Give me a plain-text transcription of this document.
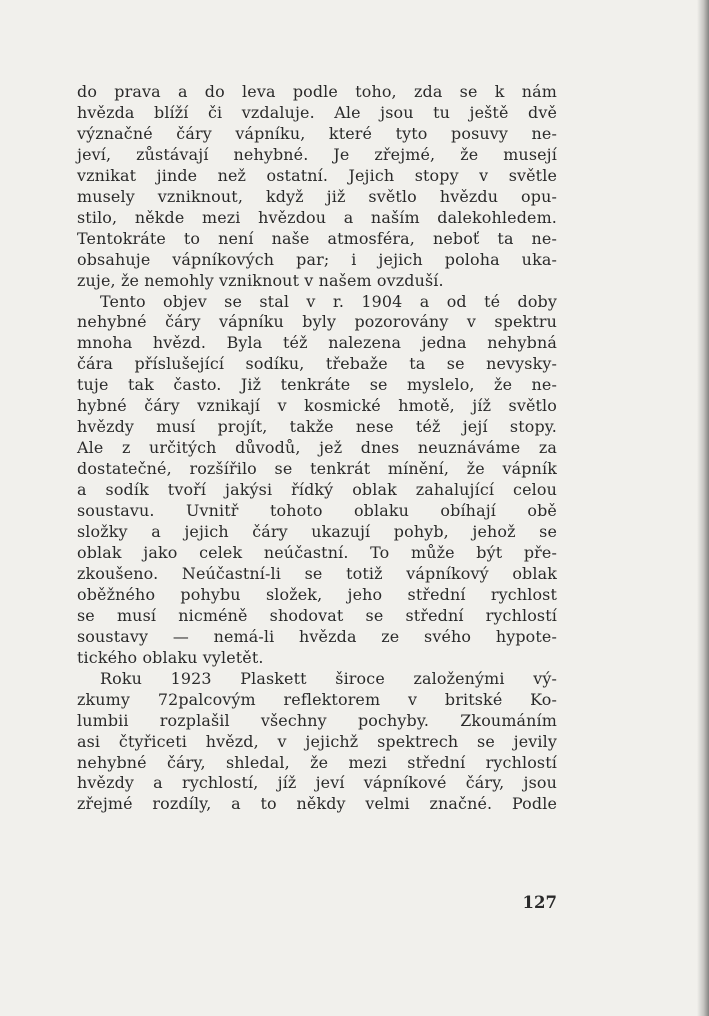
do prava a do leva podle toho, zda se k nám
hvězda blíží či vzdaluje. Ale jsou tu ještě dvě
význačné čáry vápníku, které tyto posuvy ne-
jeví, zůstávají nehybné. Je zřejmé, že musejí
vznikat jinde než ostatní. Jejich stopy v světle
musely vzniknout, když již světlo hvězdu opu-
stilo, někde mezi hvězdou a naším dalekohledem.
Tentokráte to není naše atmosféra, neboť ta ne-
obsahuje vápníkových par; i jejich poloha uka-
zuje, že nemohly vzniknout v našem ovzduší.
Tento objev se stal v r. 1904 a od té doby
nehybné čáry vápníku byly pozorovány v spektru
mnoha hvězd. Byla též nalezena jedna nehybná
čára příslušející sodíku, třebaže ta se nevysky-
tuje tak často. Již tenkráte se myslelo, že ne-
hybné čáry vznikají v kosmické hmotě, jíž světlo
hvězdy musí projít, takže nese též její stopy.
Ale z určitých důvodů, jež dnes neuznáváme za
dostatečné, rozšířilo se tenkrát mínění, že vápník
a sodík tvoří jakýsi řídký oblak zahalující celou
soustavu. Uvnitř tohoto oblaku obíhají obě
složky a jejich čáry ukazují pohyb, jehož se
oblak jako celek neúčastní. To může být pře-
zkoušeno. Neúčastní-li se totiž vápníkový oblak
oběžného pohybu složek, jeho střední rychlost
se musí nicméně shodovat se střední rychlostí
soustavy — nemá-li hvězda ze svého hypote-
tického oblaku vyletět.
Roku 1923 Plaskett široce založenými vý-
zkumy 72palcovým reflektorem v britské Ko-
lumbii rozplašil všechny pochyby. Zkoumáním
asi čtyřiceti hvězd, v jejichž spektrech se jevily
nehybné čáry, shledal, že mezi střední rychlostí
hvězdy a rychlostí, jíž jeví vápníkové čáry, jsou
zřejmé rozdíly, a to někdy velmi značné. Podle
127
